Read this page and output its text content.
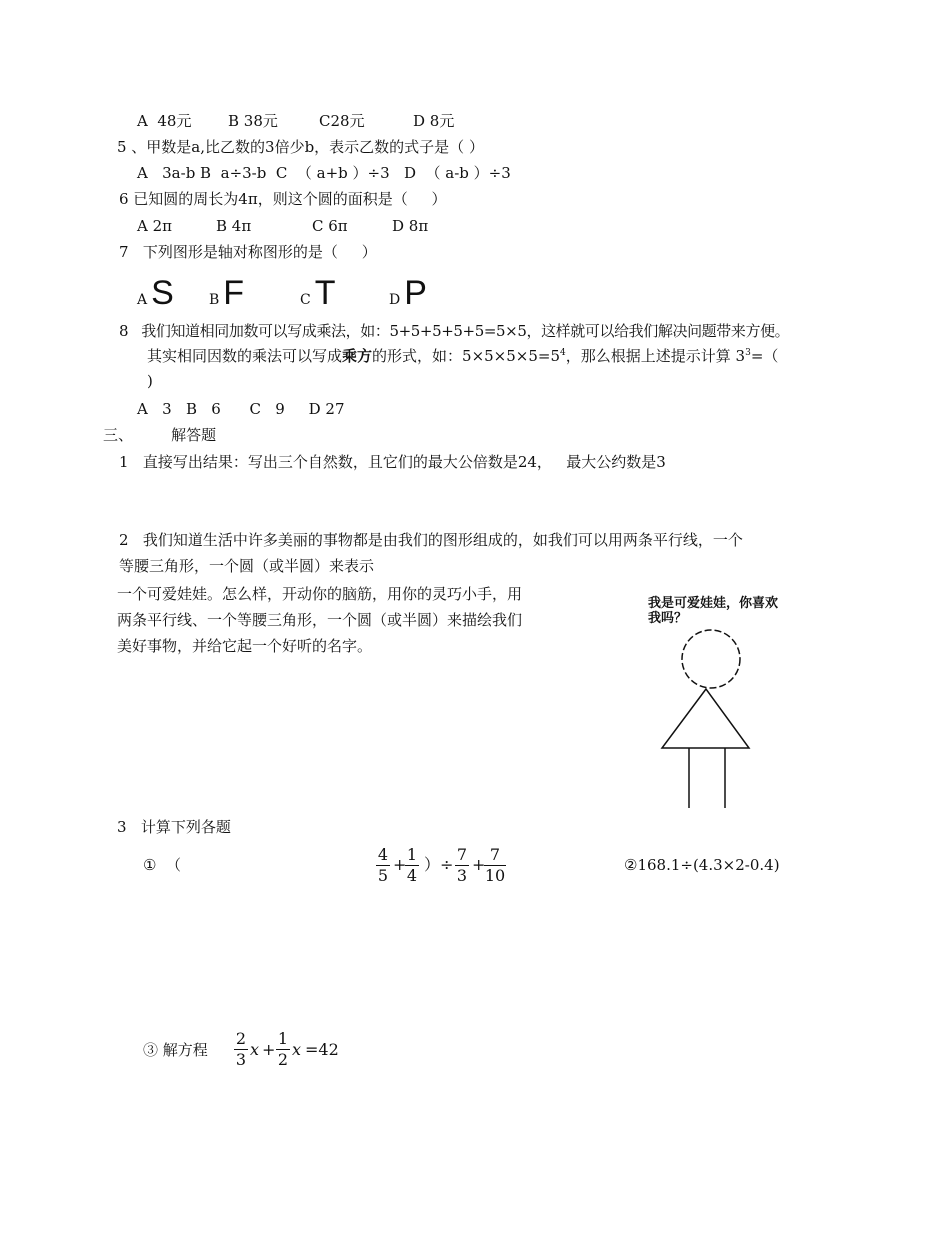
A  48元 B 38元	C28元	D 8元
5 、甲数是a,比乙数的3倍少b，表示乙数的式子是（ ）
A   3a-b B  a÷3-b  C  （ a+b ）÷3   D  （ a-b ）÷3
6 已知圆的周长为4π，则这个圆的面积是（     ）
A 2π	B 4π	C 6π	D 8π
7   下列图形是轴对称图形的是（     ）
A S	B F	C T	D P
8   我们知道相同加数可以写成乘法，如：5+5+5+5+5=5×5，这样就可以给我们解决问题带来方便。
其实相同因数的乘法可以写成乘方的形式，如：$5\times 5\times 5\times 5=5^4$，那么根据上述提示计算 $3^3=$（
)
A   3   B   6      C   9     D 27
三、        解答题
1   直接写出结果：写出三个自然数，且它们的最大公倍数是24，   最大公约数是3
2   我们知道生活中许多美丽的事物都是由我们的图形组成的，如我们可以用两条平行线，一个
等腰三角形，一个圆（或半圆）来表示
一个可爱娃娃。怎么样，开动你的脑筋，用你的灵巧小手，用
两条平行线、一个等腰三角形，一个圆（或半圆）来描绘我们
美好事物，并给它起一个好听的名字。
我是可爱娃娃，你喜欢
我吗？
3   计算下列各题
①  （
4
5
+
1
4
）÷
7
3
+
7
10
②168.1÷(4.3×2-0.4)
③ 解方程
2
3
x +
1
2
x =42
